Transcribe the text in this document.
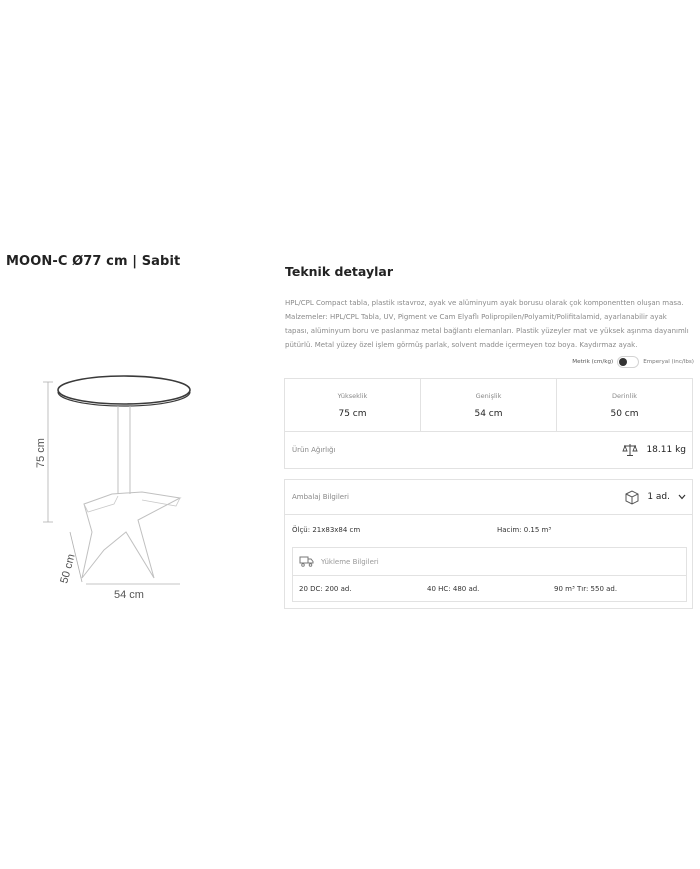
MOON-C Ø77 cm | Sabit
75 cm
50 cm
54 cm
Teknik detaylar

HPL/CPL Compact tabla, plastik ıstavroz, ayak ve alüminyum ayak borusu olarak çok komponentten oluşan masa. Malzemeler: HPL/CPL Tabla, UV, Pigment ve Cam Elyaflı Polipropilen/Polyamit/Polifitalamid, ayarlanabilir ayak tapası, alüminyum boru ve paslanmaz metal bağlantı elemanları. Plastik yüzeyler mat ve yüksek aşınma dayanımlı pütürlü. Metal yüzey özel işlem görmüş parlak, solvent madde içermeyen toz boya. Kaydırmaz ayak.

Metrik (cm/kg)	Emperyal (inc/lbs)
Yükseklik
75 cm
Genişlik
54 cm
Derinlik
50 cm
Ürün Ağırlığı	18.11 kg
Ambalaj Bilgileri	1 ad.
Ölçü: 21x83x84 cm	Hacim: 0.15 m³
Yükleme Bilgileri
20 DC: 200 ad.	40 HC: 480 ad.	90 m³ Tır: 550 ad.
